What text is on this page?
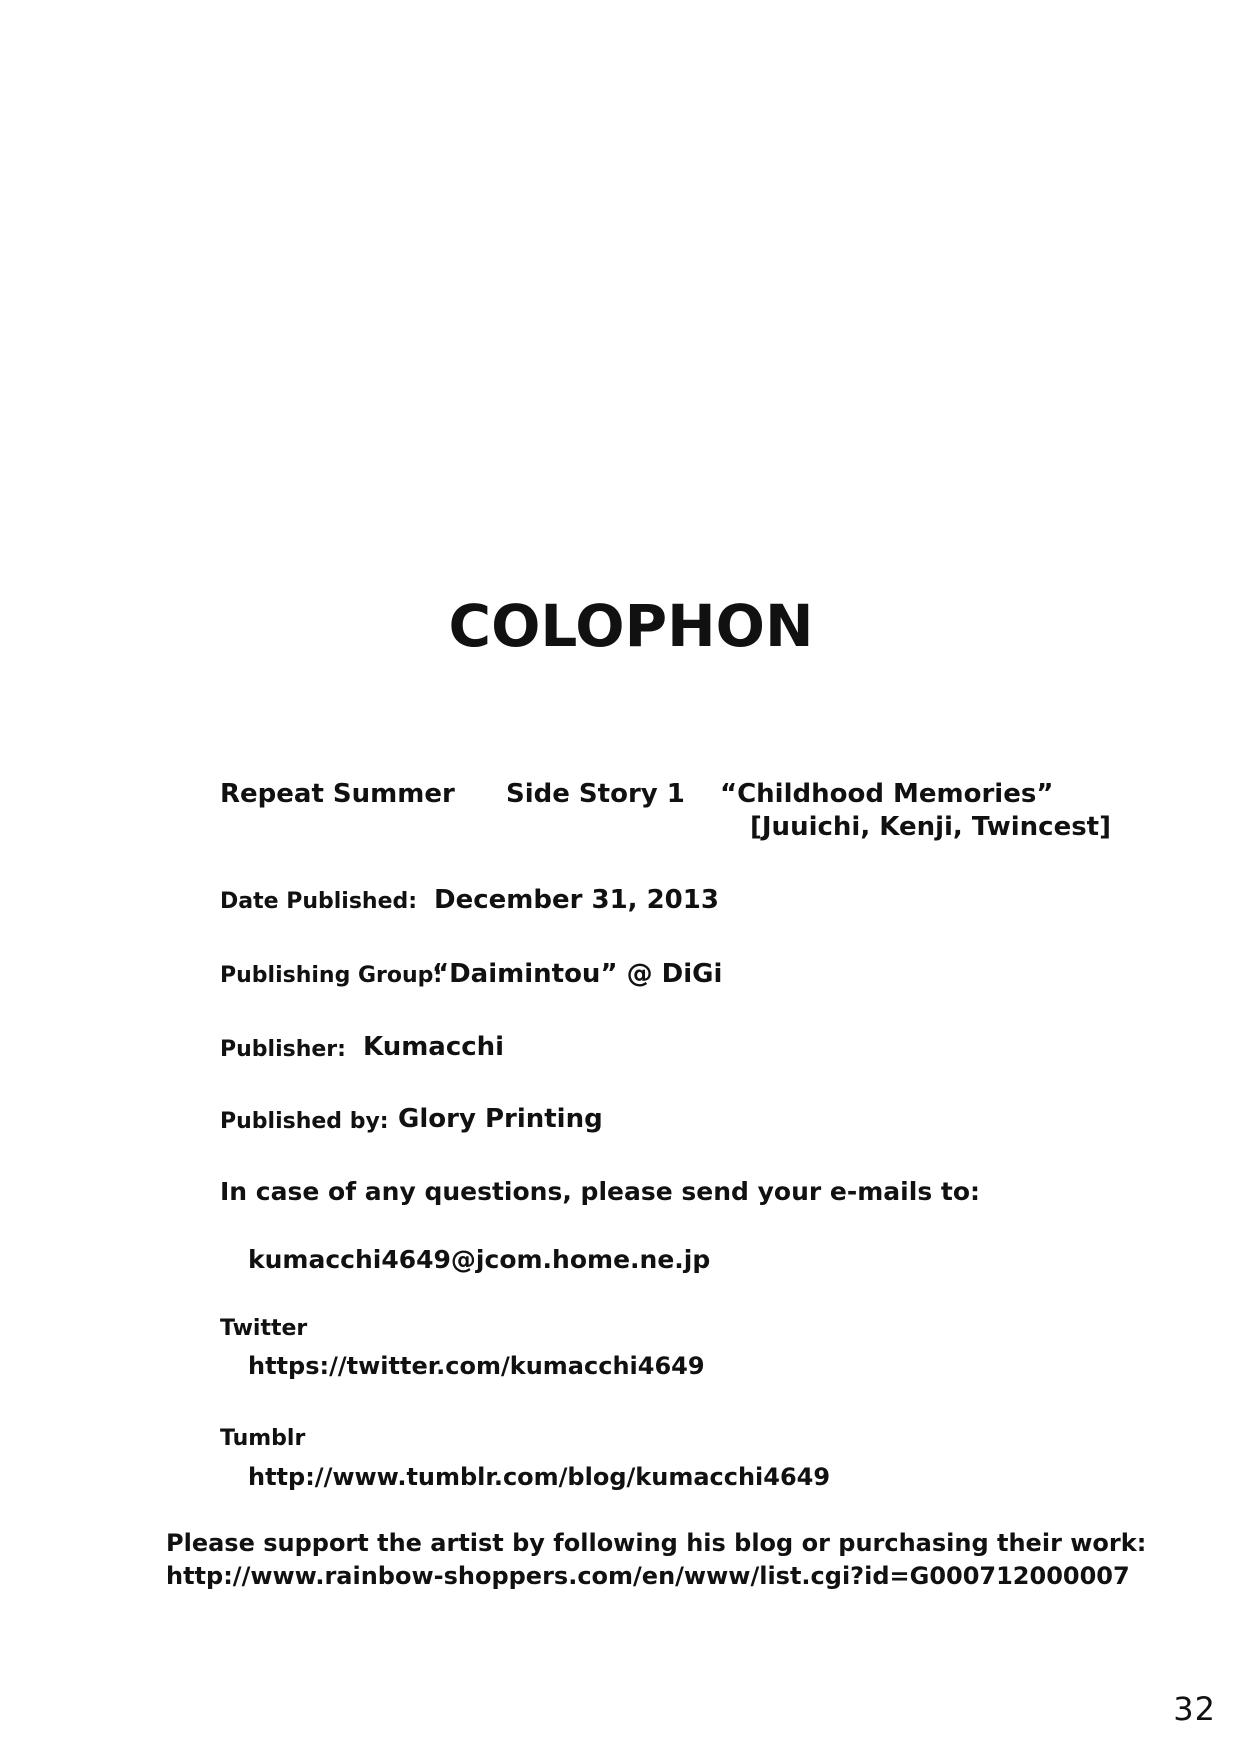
COLOPHON
Repeat Summer Side Story 1 “Childhood Memories”
[Juuichi, Kenji, Twincest]
Date Published: December 31, 2013
Publishing Group:
“Daimintou” @ DiGi
Publisher: Kumacchi
Published by: Glory Printing
In case of any questions, please send your e-mails to:
kumacchi4649@jcom.home.ne.jp
Twitter
https://twitter.com/kumacchi4649
Tumblr
http://www.tumblr.com/blog/kumacchi4649
Please support the artist by following his blog or purchasing their work:
http://www.rainbow-shoppers.com/en/www/list.cgi?id=G000712000007
32
